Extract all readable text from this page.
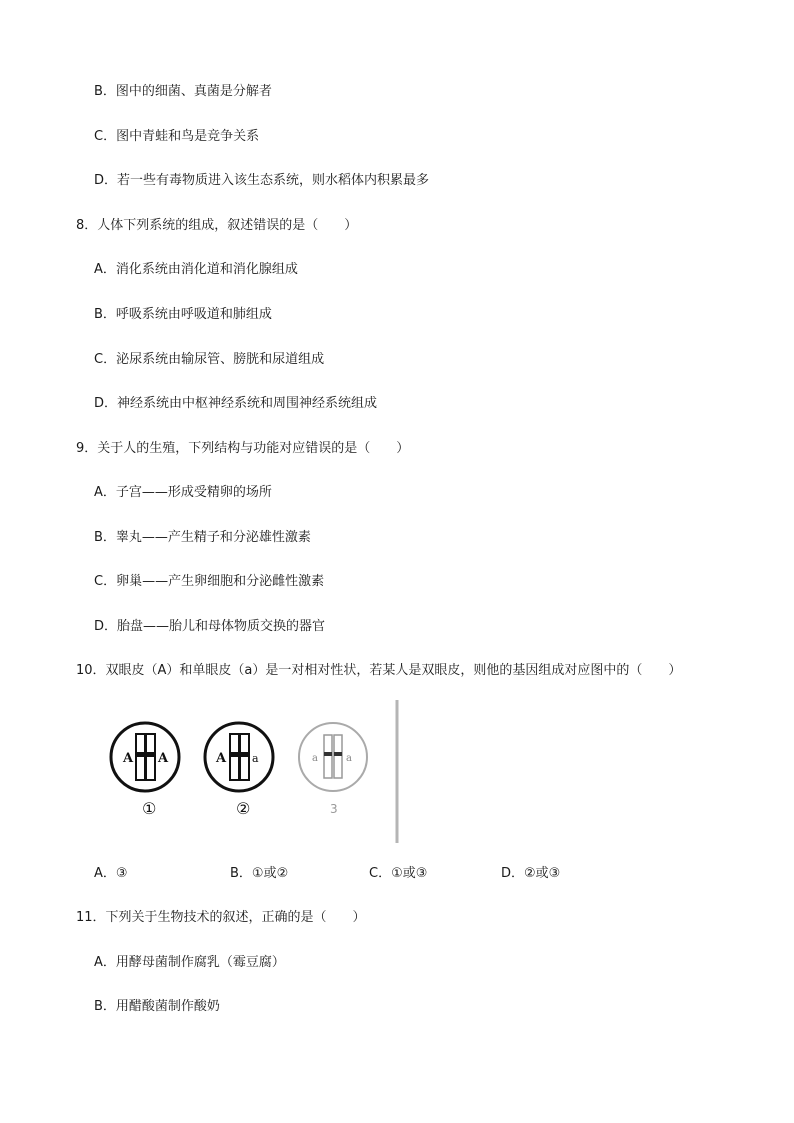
B．图中的细菌、真菌是分解者
C．图中青蛙和鸟是竞争关系
D．若一些有毒物质进入该生态系统，则水稻体内积累最多
8．人体下列系统的组成，叙述错误的是（　　）
A．消化系统由消化道和消化腺组成
B．呼吸系统由呼吸道和肺组成
C．泌尿系统由输尿管、膀胱和尿道组成
D．神经系统由中枢神经系统和周围神经系统组成
9．关于人的生殖，下列结构与功能对应错误的是（　　）
A．子宫——形成受精卵的场所
B．睾丸——产生精子和分泌雄性激素
C．卵巢——产生卵细胞和分泌雌性激素
D．胎盘——胎儿和母体物质交换的器官
10．双眼皮（A）和单眼皮（a）是一对相对性状，若某人是双眼皮，则他的基因组成对应图中的（　　）
A A
①
A a
②
a	a
3
A．③	B．①或②	C．①或③	D．②或③
11．下列关于生物技术的叙述，正确的是（　　）
A．用酵母菌制作腐乳（霉豆腐）
B．用醋酸菌制作酸奶
